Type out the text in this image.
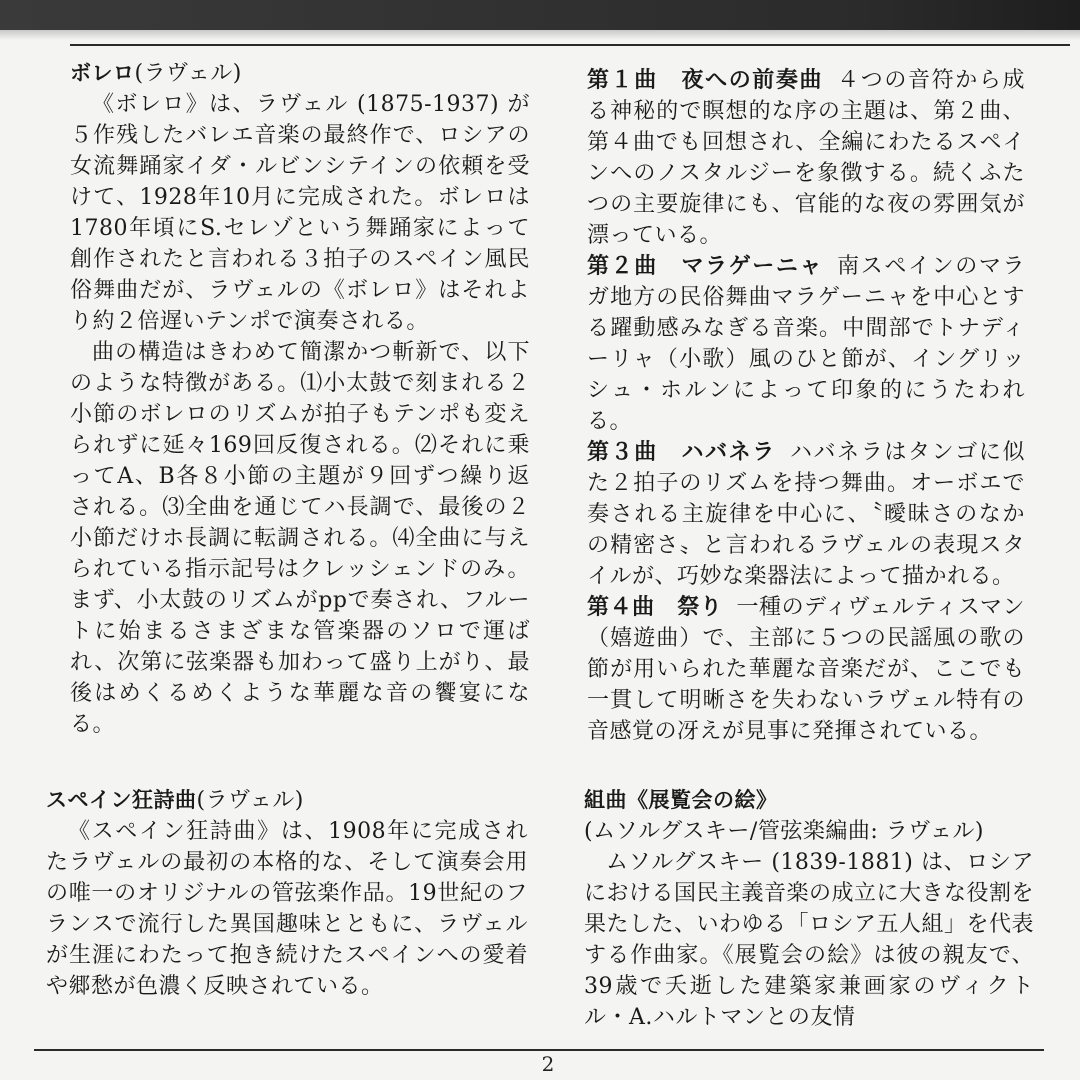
ボレロ(ラヴェル)

《ボレロ》は、ラヴェル (1875-1937) が５作残したバレエ音楽の最終作で、ロシアの女流舞踊家イダ・ルビンシテインの依頼を受けて、1928年10月に完成された。ボレロは1780年頃にS.セレゾという舞踊家によって創作されたと言われる３拍子のスペイン風民俗舞曲だが、ラヴェルの《ボレロ》はそれより約２倍遅いテンポで演奏される。

曲の構造はきわめて簡潔かつ斬新で、以下のような特徴がある。⑴小太鼓で刻まれる２小節のボレロのリズムが拍子もテンポも変えられずに延々169回反復される。⑵それに乗ってA、B各８小節の主題が９回ずつ繰り返される。⑶全曲を通じてハ長調で、最後の２小節だけホ長調に転調される。⑷全曲に与えられている指示記号はクレッシェンドのみ。まず、小太鼓のリズムがppで奏され、フルートに始まるさまざまな管楽器のソロで運ばれ、次第に弦楽器も加わって盛り上がり、最後はめくるめくような華麗な音の饗宴になる。

スペイン狂詩曲(ラヴェル)

《スペイン狂詩曲》は、1908年に完成されたラヴェルの最初の本格的な、そして演奏会用の唯一のオリジナルの管弦楽作品。19世紀のフランスで流行した異国趣味とともに、ラヴェルが生涯にわたって抱き続けたスペインへの愛着や郷愁が色濃く反映されている。

第１曲　夜への前奏曲 ４つの音符から成る神秘的で瞑想的な序の主題は、第２曲、第４曲でも回想され、全編にわたるスペインへのノスタルジーを象徴する。続くふたつの主要旋律にも、官能的な夜の雰囲気が漂っている。

第２曲　マラゲーニャ 南スペインのマラガ地方の民俗舞曲マラゲーニャを中心とする躍動感みなぎる音楽。中間部でトナディーリャ（小歌）風のひと節が、イングリッシュ・ホルンによって印象的にうたわれる。

第３曲　ハバネラ ハバネラはタンゴに似た２拍子のリズムを持つ舞曲。オーボエで奏される主旋律を中心に、〝曖昧さのなかの精密さ〟と言われるラヴェルの表現スタイルが、巧妙な楽器法によって描かれる。

第４曲　祭り 一種のディヴェルティスマン（嬉遊曲）で、主部に５つの民謡風の歌の節が用いられた華麗な音楽だが、ここでも一貫して明晰さを失わないラヴェル特有の音感覚の冴えが見事に発揮されている。

組曲《展覧会の絵》
(ムソルグスキー/管弦楽編曲: ラヴェル)

ムソルグスキー (1839-1881) は、ロシアにおける国民主義音楽の成立に大きな役割を果たした、いわゆる「ロシア五人組」を代表する作曲家。《展覧会の絵》は彼の親友で、39歳で夭逝した建築家兼画家のヴィクトル・A.ハルトマンとの友情

2
